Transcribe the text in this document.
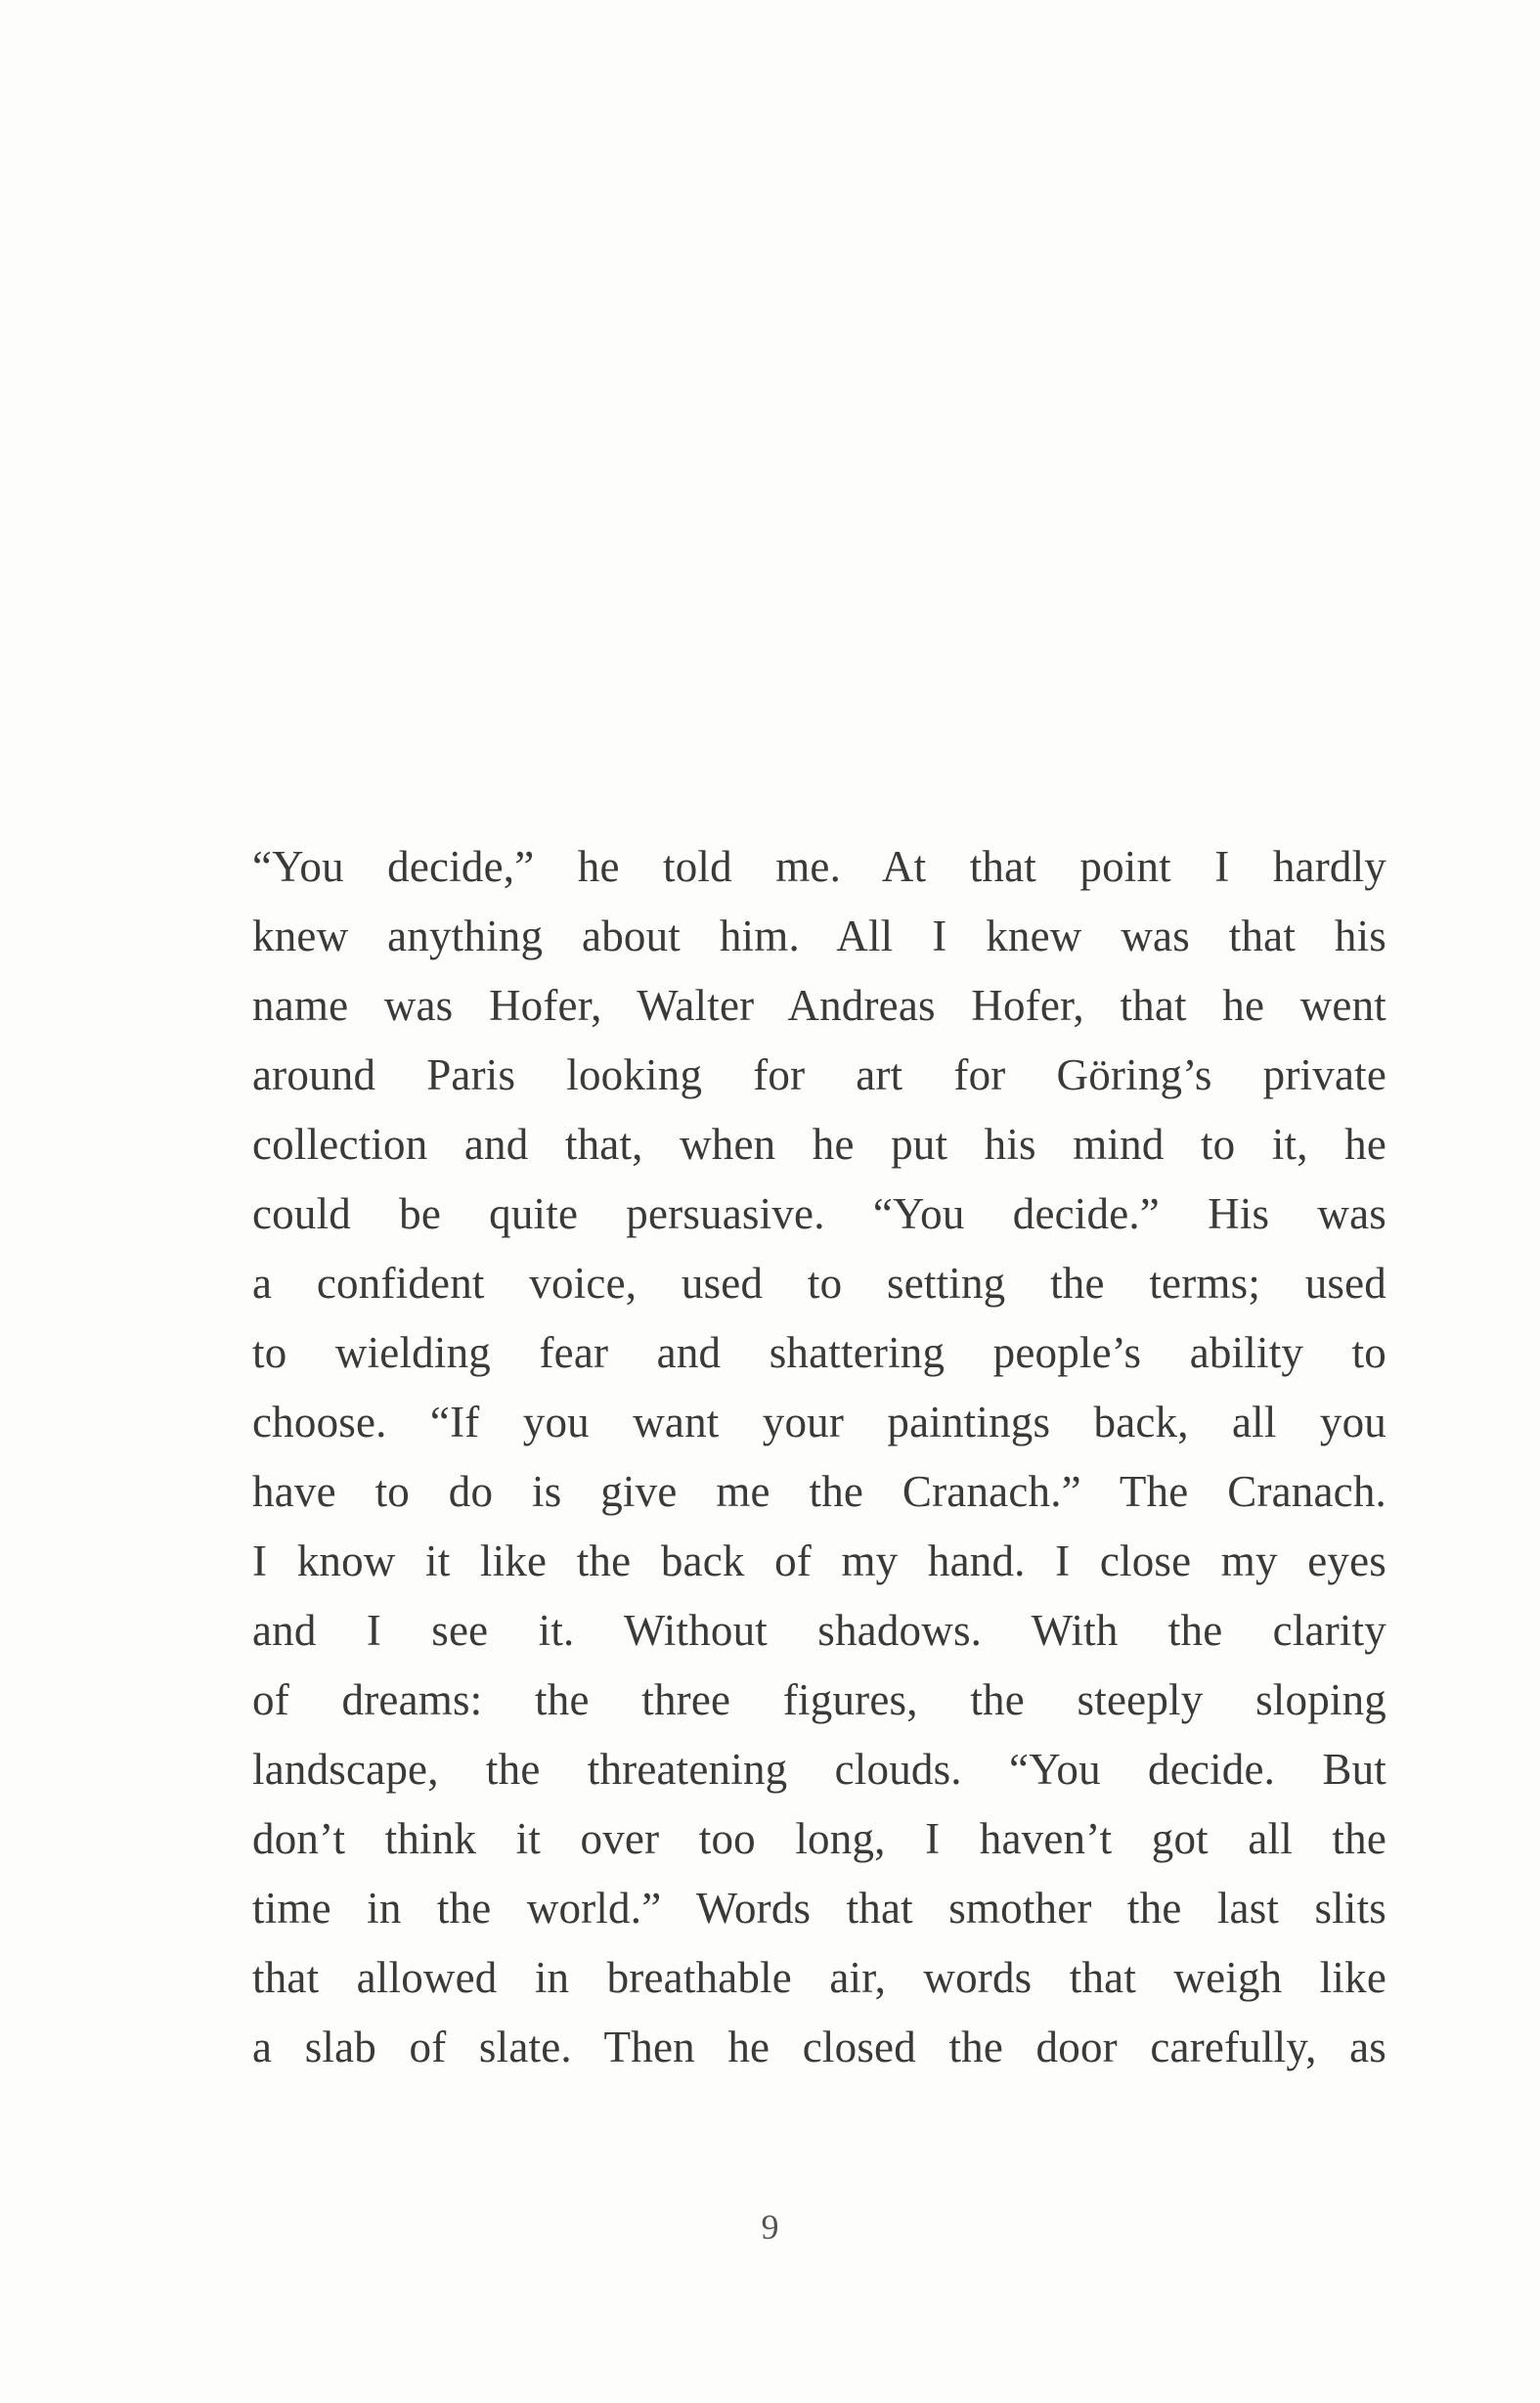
“You decide,” he told me. At that point I hardly
knew anything about him. All I knew was that his
name was Hofer, Walter Andreas Hofer, that he went
around Paris looking for art for Göring’s private
collection and that, when he put his mind to it, he
could be quite persuasive. “You decide.” His was
a confident voice, used to setting the terms; used
to wielding fear and shattering people’s ability to
choose. “If you want your paintings back, all you
have to do is give me the Cranach.” The Cranach.
I know it like the back of my hand. I close my eyes
and I see it. Without shadows. With the clarity
of dreams: the three figures, the steeply sloping
landscape, the threatening clouds. “You decide. But
don’t think it over too long, I haven’t got all the
time in the world.” Words that smother the last slits
that allowed in breathable air, words that weigh like
a slab of slate. Then he closed the door carefully, as
9
